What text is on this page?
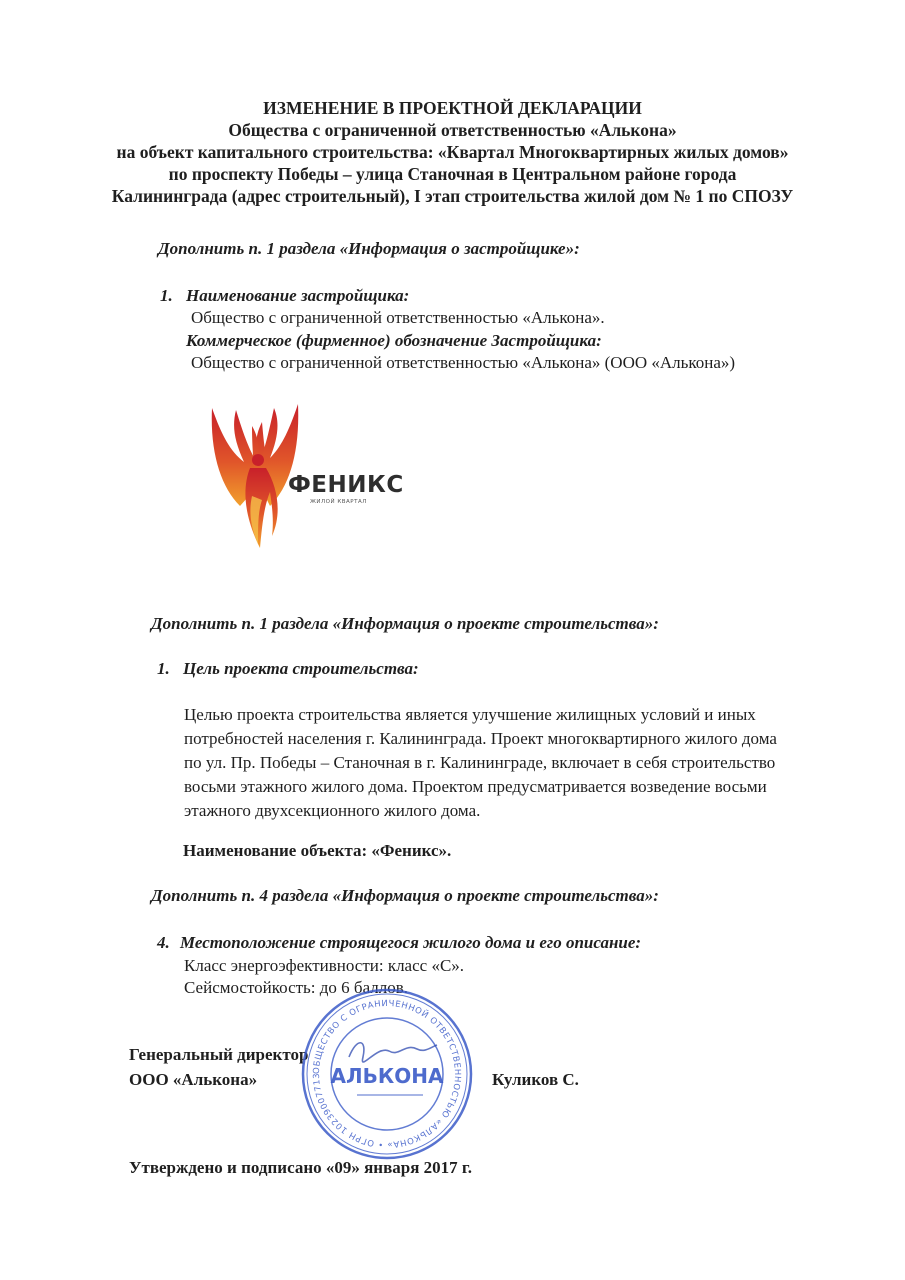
ИЗМЕНЕНИЕ В ПРОЕКТНОЙ ДЕКЛАРАЦИИ
Общества с ограниченной ответственностью «Алькона»
на объект капитального строительства: «Квартал Многоквартирных жилых домов»
по проспекту Победы – улица Станочная в Центральном районе города
Калининграда (адрес строительный), I этап строительства жилой дом № 1 по СПОЗУ
Дополнить п. 1 раздела «Информация о застройщике»:
1. Наименование застройщика:
Общество с ограниченной ответственностью «Алькона».
Коммерческое (фирменное) обозначение Застройщика:
Общество с ограниченной ответственностью «Алькона» (ООО «Алькона»)
ФЕНИКС
ЖИЛОЙ КВАРТАЛ
Дополнить п. 1 раздела «Информация о проекте строительства»:
1. Цель проекта строительства:
Целью проекта строительства является улучшение жилищных условий и иных
потребностей населения г. Калининграда. Проект многоквартирного жилого дома
по ул. Пр. Победы – Станочная в г. Калининграде, включает в себя строительство
восьми этажного жилого дома. Проектом предусматривается возведение восьми
этажного двухсекционного жилого дома.
Наименование объекта: «Феникс».
Дополнить п. 4 раздела «Информация о проекте строительства»:
4. Местоположение строящегося жилого дома и его описание:
Класс энергоэфективности: класс «С».
Сейсмостойкость: до 6 баллов.
Генеральный директор
ООО «Алькона»	Куликов С.
ОБЩЕСТВО С ОГРАНИЧЕННОЙ ОТВЕТСТВЕННОСТЬЮ «АЛЬКОНА» • ОГРН 10239007713 АЛЬКОНА
Утверждено и подписано «09» января 2017 г.
